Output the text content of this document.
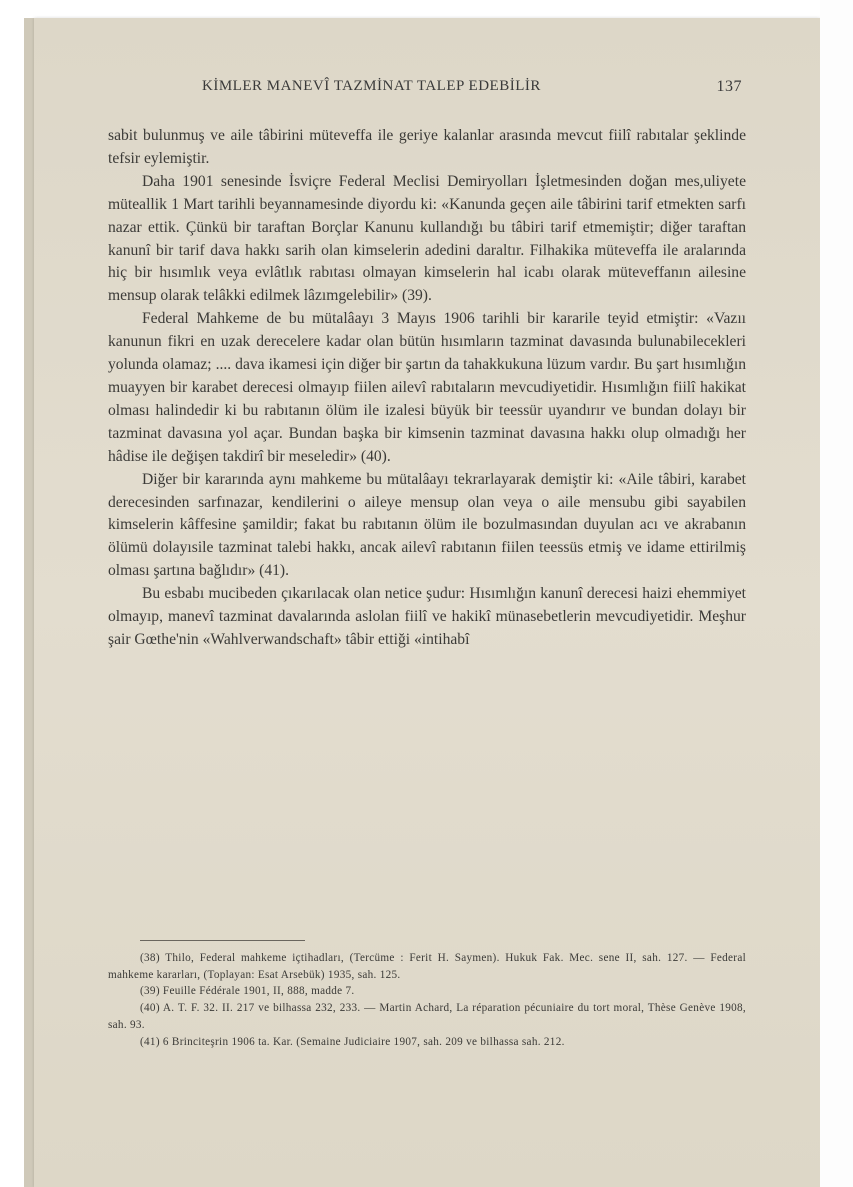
KİMLER MANEVÎ TAZMİNAT TALEP EDEBİLİR	137

sabit bulunmuş ve aile tâbirini müteveffa ile geriye kalanlar arasında mevcut fiilî rabıtalar şeklinde tefsir eylemiştir.

Daha 1901 senesinde İsviçre Federal Meclisi Demiryolları İşletmesinden doğan mes,uliyete müteallik 1 Mart tarihli beyannamesinde diyordu ki: «Kanunda geçen aile tâbirini tarif etmekten sarfı nazar ettik. Çünkü bir taraftan Borçlar Kanunu kullandığı bu tâbiri tarif etmemiştir; diğer taraftan kanunî bir tarif dava hakkı sarih olan kimselerin adedini daraltır. Filhakika müteveffa ile aralarında hiç bir hısımlık veya evlâtlık rabıtası olmayan kimselerin hal icabı olarak müteveffanın ailesine mensup olarak telâkki edilmek lâzımgelebilir» (39).

Federal Mahkeme de bu mütalâayı 3 Mayıs 1906 tarihli bir kararile teyid etmiştir: «Vazıı kanunun fikri en uzak derecelere kadar olan bütün hısımların tazminat davasında bulunabilecekleri yolunda olamaz; .... dava ikamesi için diğer bir şartın da tahakkukuna lüzum vardır. Bu şart hısımlığın muayyen bir karabet derecesi olmayıp fiilen ailevî rabıtaların mevcudiyetidir. Hısımlığın fiilî hakikat olması halindedir ki bu rabıtanın ölüm ile izalesi büyük bir teessür uyandırır ve bundan dolayı bir tazminat davasına yol açar. Bundan başka bir kimsenin tazminat davasına hakkı olup olmadığı her hâdise ile değişen takdirî bir meseledir» (40).

Diğer bir kararında aynı mahkeme bu mütalâayı tekrarlayarak demiştir ki: «Aile tâbiri, karabet derecesinden sarfınazar, kendilerini o aileye mensup olan veya o aile mensubu gibi sayabilen kimselerin kâffesine şamildir; fakat bu rabıtanın ölüm ile bozulmasından duyulan acı ve akrabanın ölümü dolayısile tazminat talebi hakkı, ancak ailevî rabıtanın fiilen teessüs etmiş ve idame ettirilmiş olması şartına bağlıdır» (41).

Bu esbabı mucibeden çıkarılacak olan netice şudur: Hısımlığın kanunî derecesi haizi ehemmiyet olmayıp, manevî tazminat davalarında aslolan fiilî ve hakikî münasebetlerin mevcudiyetidir. Meşhur şair Gœthe'nin «Wahlverwandschaft» tâbir ettiği «intihabî

(38) Thilo, Federal mahkeme içtihadları, (Tercüme : Ferit H. Saymen). Hukuk Fak. Mec. sene II, sah. 127. — Federal mahkeme kararları, (Toplayan: Esat Arsebük) 1935, sah. 125.

(39) Feuille Fédérale 1901, II, 888, madde 7.

(40) A. T. F. 32. II. 217 ve bilhassa 232, 233. — Martin Achard, La réparation pécuniaire du tort moral, Thèse Genève 1908, sah. 93.

(41) 6 Brinciteşrin 1906 ta. Kar. (Semaine Judiciaire 1907, sah. 209 ve bilhassa sah. 212.
